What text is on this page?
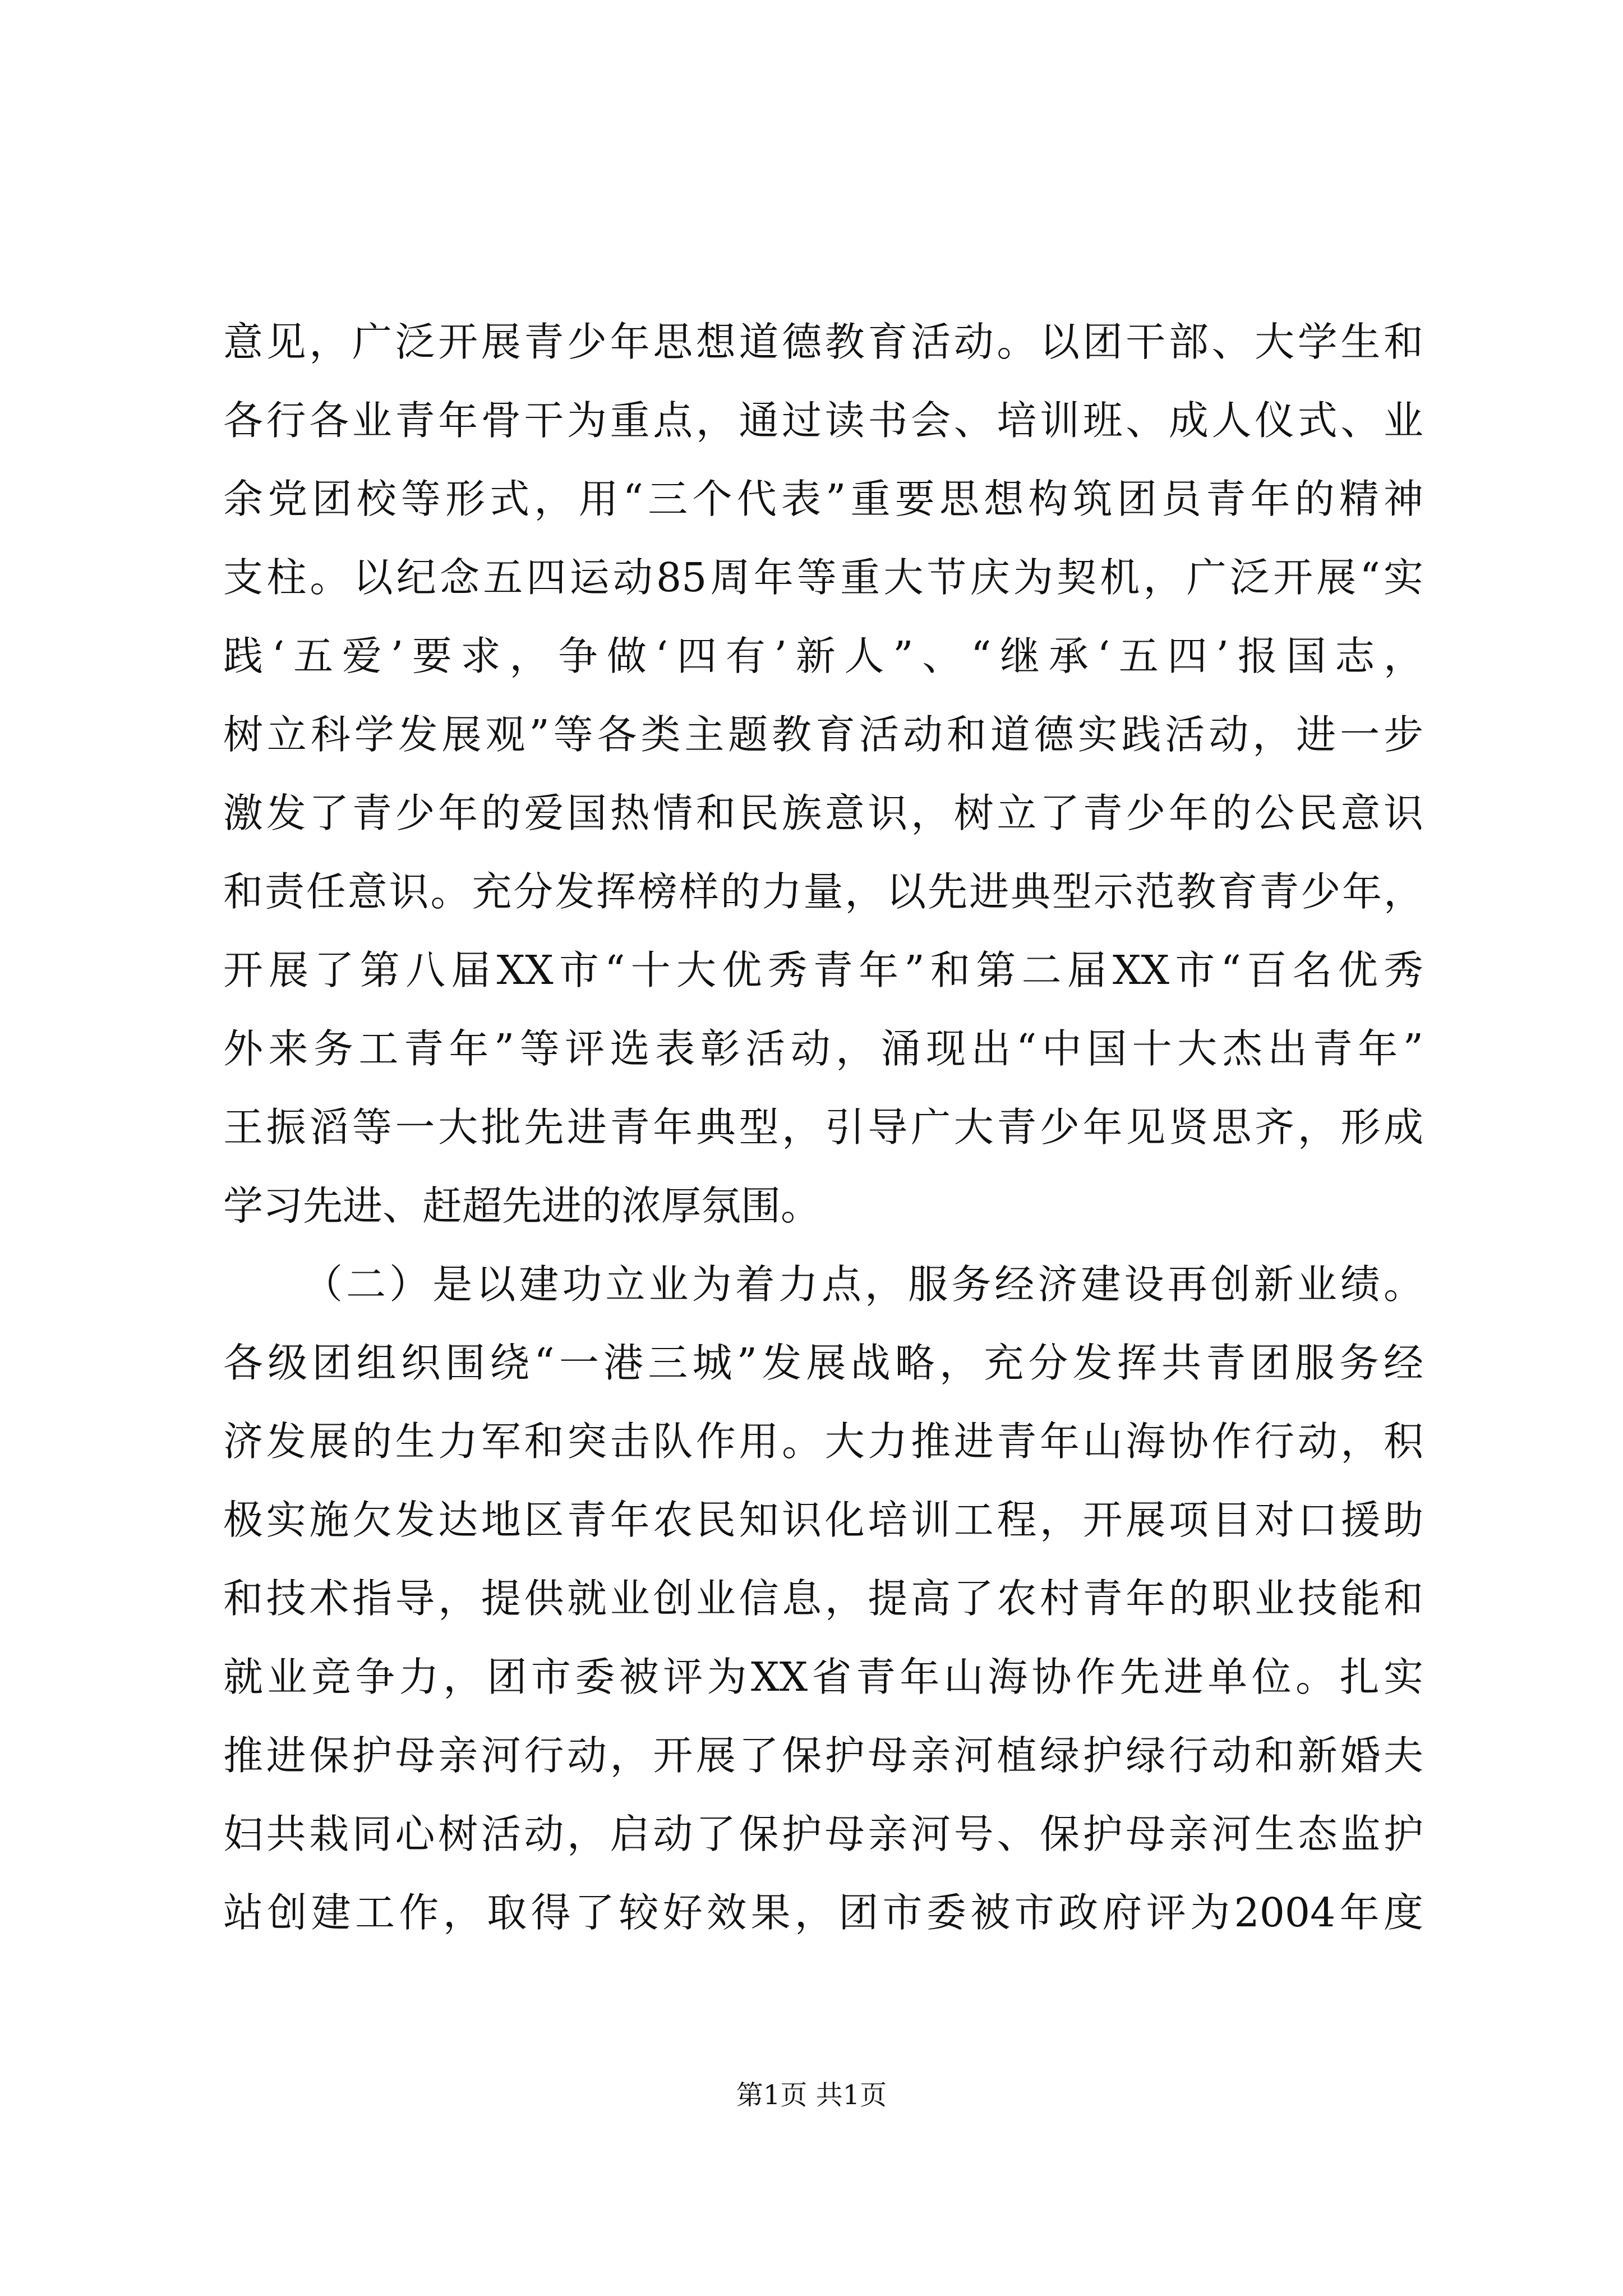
意见，广泛开展青少年思想道德教育活动。以团干部、大学生和
各行各业青年骨干为重点，通过读书会、培训班、成人仪式、业
余党团校等形式，用“三个代表”重要思想构筑团员青年的精神
支柱。以纪念五四运动85周年等重大节庆为契机，广泛开展“实
践‘五爱’要求，争做‘四有’新人”、“继承‘五四’报国志，
树立科学发展观”等各类主题教育活动和道德实践活动，进一步
激发了青少年的爱国热情和民族意识，树立了青少年的公民意识
和责任意识。充分发挥榜样的力量，以先进典型示范教育青少年，
开展了第八届XX市“十大优秀青年”和第二届XX市“百名优秀
外来务工青年”等评选表彰活动，涌现出“中国十大杰出青年”
王振滔等一大批先进青年典型，引导广大青少年见贤思齐，形成
学习先进、赶超先进的浓厚氛围。
（二）是以建功立业为着力点，服务经济建设再创新业绩。
各级团组织围绕“一港三城”发展战略，充分发挥共青团服务经
济发展的生力军和突击队作用。大力推进青年山海协作行动，积
极实施欠发达地区青年农民知识化培训工程，开展项目对口援助
和技术指导，提供就业创业信息，提高了农村青年的职业技能和
就业竞争力，团市委被评为XX省青年山海协作先进单位。扎实
推进保护母亲河行动，开展了保护母亲河植绿护绿行动和新婚夫
妇共栽同心树活动，启动了保护母亲河号、保护母亲河生态监护
站创建工作，取得了较好效果，团市委被市政府评为2004年度
第1页 共1页
